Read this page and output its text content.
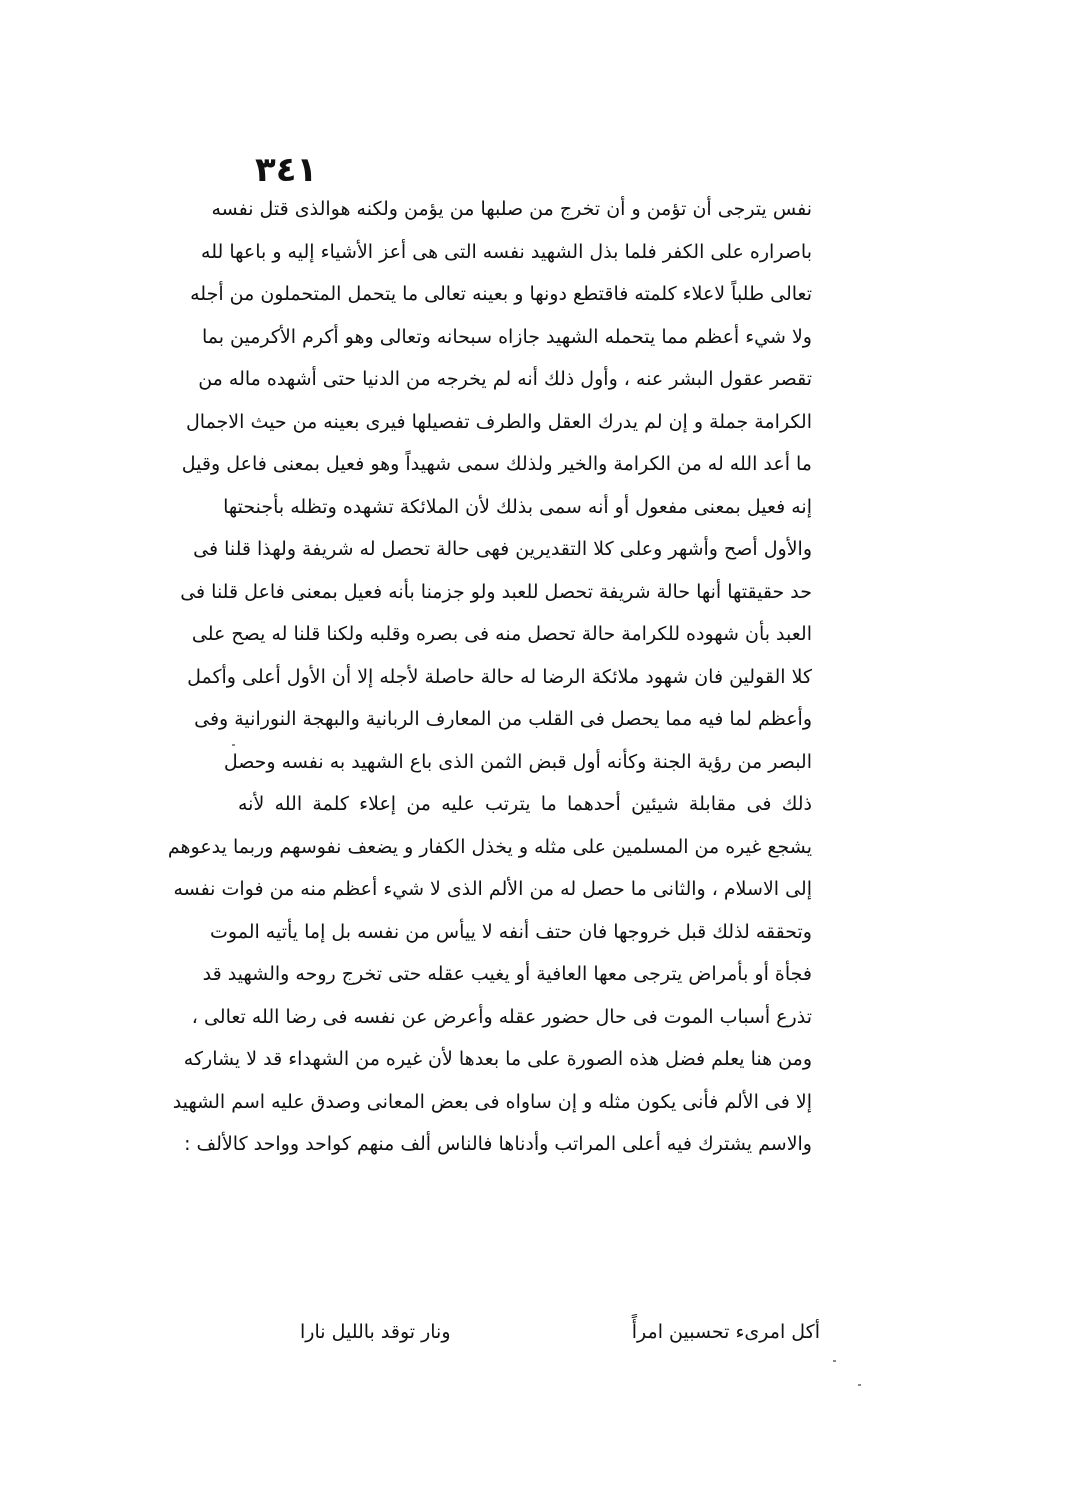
٣٤١
نفس يترجى أن تؤمن و أن تخرج من صلبها من يؤمن ولكنه هوالذى قتل نفسه
باصراره على الكفر فلما بذل الشهيد نفسه التى هى أعز الأشياء إليه و باعها لله
تعالى طلباً لاعلاء كلمته فاقتطع دونها و بعينه تعالى ما يتحمل المتحملون من أجله
ولا شيء أعظم مما يتحمله الشهيد جازاه سبحانه وتعالى وهو أكرم الأكرمين بما
تقصر عقول البشر عنه ، وأول ذلك أنه لم يخرجه من الدنيا حتى أشهده ماله من
الكرامة جملة و إن لم يدرك العقل والطرف تفصيلها فيرى بعينه من حيث الاجمال
ما أعد الله له من الكرامة والخير ولذلك سمى شهيداً وهو فعيل بمعنى فاعل وقيل
إنه فعيل بمعنى مفعول أو أنه سمى بذلك لأن الملائكة تشهده وتظله بأجنحتها
والأول أصح وأشهر وعلى كلا التقديرين فهى حالة تحصل له شريفة ولهذا قلنا فى
حد حقيقتها أنها حالة شريفة تحصل للعبد ولو جزمنا بأنه فعيل بمعنى فاعل قلنا فى
العبد بأن شهوده للكرامة حالة تحصل منه فى بصره وقلبه ولكنا قلنا له يصح على
كلا القولين فان شهود ملائكة الرضا له حالة حاصلة لأجله إلا أن الأول أعلى وأكمل
وأعظم لما فيه مما يحصل فى القلب من المعارف الربانية والبهجة النورانية وفى
البصر من رؤية الجنة وكأنه أول قبض الثمن الذى باع الشهيد به نفسه وحصل
ذلك فى مقابلة شيئين أحدهما ما يترتب عليه من إعلاء كلمة الله لأنه
يشجع غيره من المسلمين على مثله و يخذل الكفار و يضعف نفوسهم وربما يدعوهم
إلى الاسلام ، والثانى ما حصل له من الألم الذى لا شيء أعظم منه من فوات نفسه
وتحققه لذلك قبل خروجها فان حتف أنفه لا ييأس من نفسه بل إما يأتيه الموت
فجأة أو بأمراض يترجى معها العافية أو يغيب عقله حتى تخرج روحه والشهيد قد
تذرع أسباب الموت فى حال حضور عقله وأعرض عن نفسه فى رضا الله تعالى ،
ومن هنا يعلم فضل هذه الصورة على ما بعدها لأن غيره من الشهداء قد لا يشاركه
إلا فى الألم فأنى يكون مثله و إن ساواه فى بعض المعانى وصدق عليه اسم الشهيد
والاسم يشترك فيه أعلى المراتب وأدناها فالناس ألف منهم كواحد وواحد كالألف :
أكل امرىء تحسبين امرأً
ونار توقد بالليل نارا
